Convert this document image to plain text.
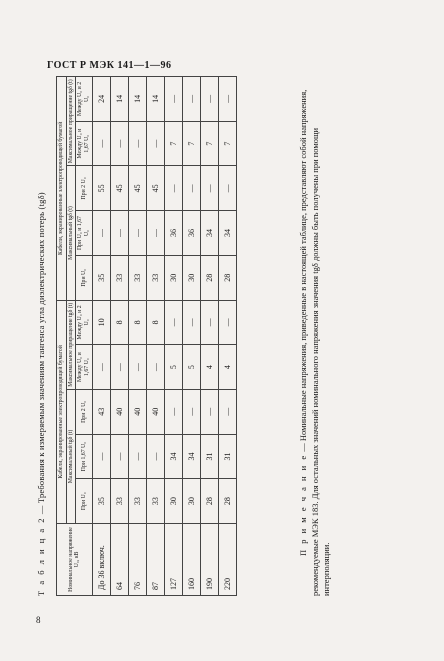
ГОСТ Р МЭК 141—1—96
Т а б л и ц а 2 — Требования к измеряемым значениям тангенса угла диэлектрических потерь (tgδ)
Номинальное напряжение U₀, кВ	Кабели, экранированные электропроводящей бумагой					Кабели, экранированные электропроводящей бумагой				
	Максимальный tgδ (t)			Максимальное приращение tgδ (t)		Максимальный tgδ (t)			Максимальное приращение tgδ (t)	
	При U₀	При 1,67 U₀	При 2 U₀	Между U₀ и 1,67 U₀	Между U₀ и 2 U₀	При U₀	При U₀ и 1,67 U₀	При 2 U₀	Между U₀ и 1,67 U₀	Между U₀ и 2 U₀
До 36 включ.	35	—	43	—	10	35	—	55	—	24
64	33	—	40	—	8	33	—	45	—	14
76	33	—	40	—	8	33	—	45	—	14
87	33	—	40	—	8	33	—	45	—	14
127	30	34	—	5	—	30	36	—	7	—
160	30	34	—	5	—	30	36	—	7	—
190	28	31	—	4	—	28	34	—	7	—
220	28	31	—	4	—	28	34	—	7	—
П р и м е ч а н и е — Номинальные напряжения, приведенные в настоящей таблице, представляют собой напряжения, рекомендуемые МЭК 183. Для остальных значений номинального напряжения значения tgδ должны быть получены при помощи интерполяции.
8
